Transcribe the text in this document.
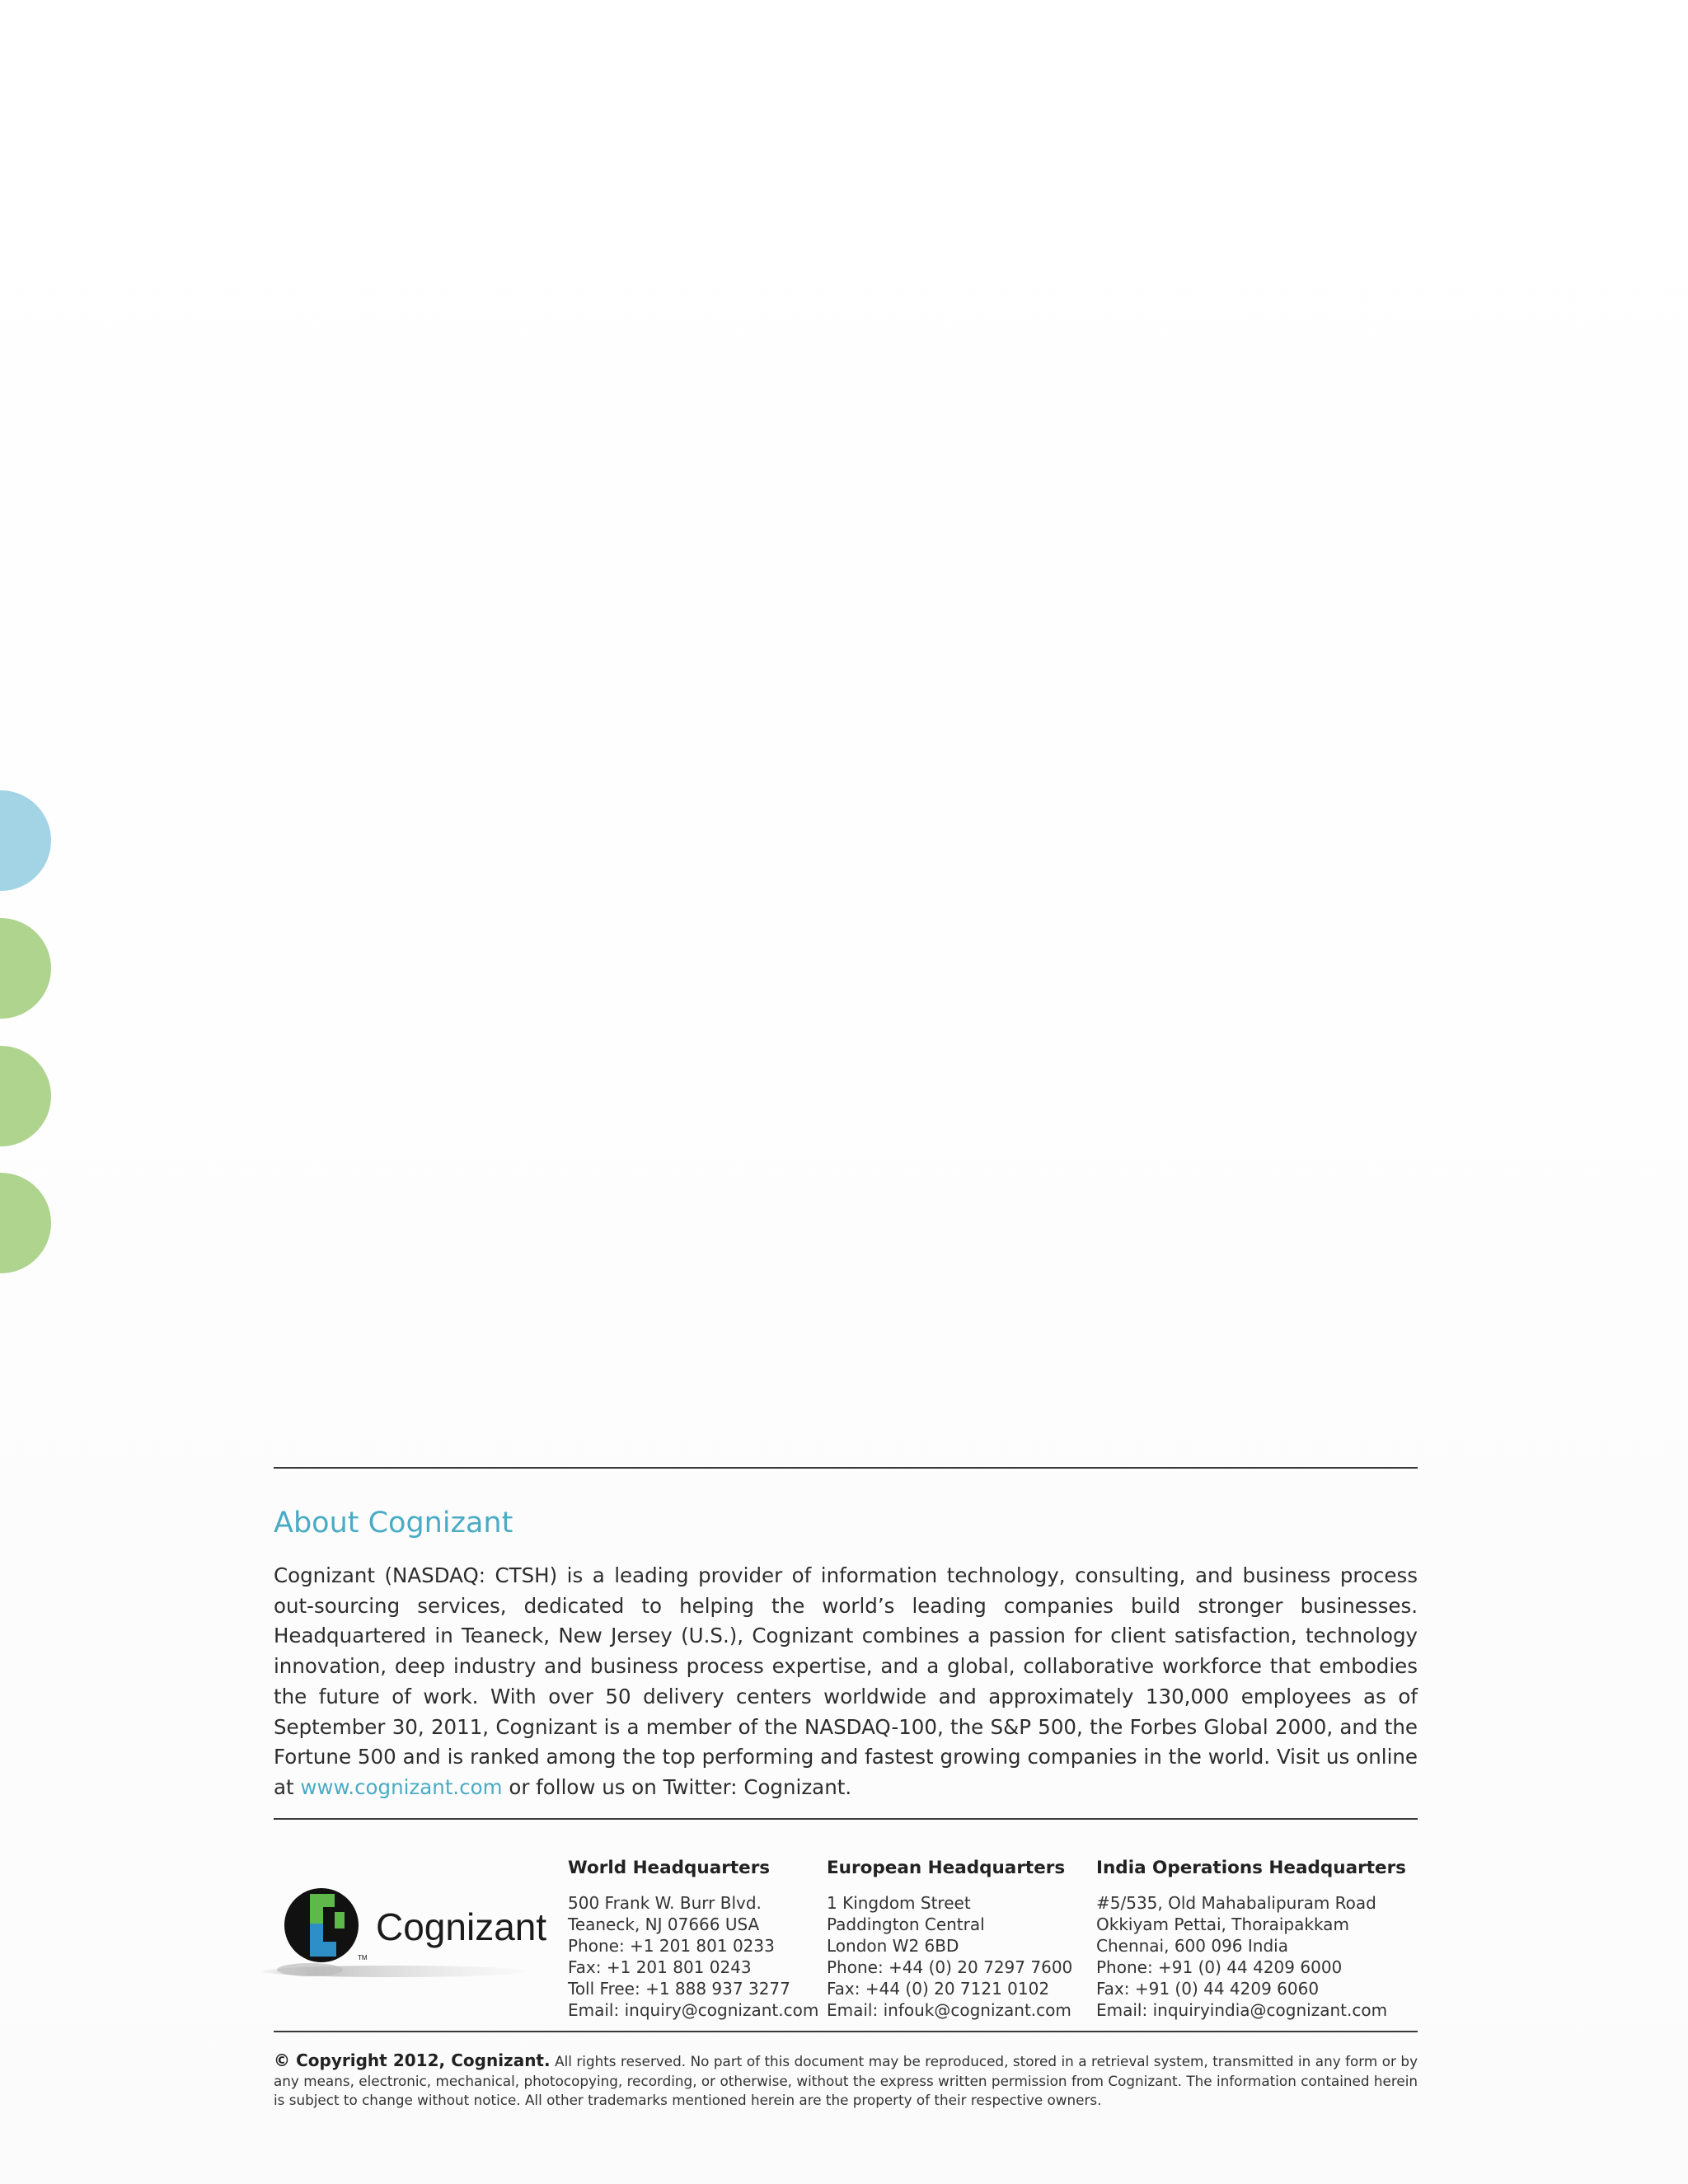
About Cognizant

Cognizant (NASDAQ: CTSH) is a leading provider of information technology, consulting, and business process out-sourcing services, dedicated to helping the world’s leading companies build stronger businesses. Headquartered in Teaneck, New Jersey (U.S.), Cognizant combines a passion for client satisfaction, technology innovation, deep industry and business process expertise, and a global, collaborative workforce that embodies the future of work. With over 50 delivery centers worldwide and approximately 130,000 employees as of September 30, 2011, Cognizant is a member of the NASDAQ-100, the S&P 500, the Forbes Global 2000, and the Fortune 500 and is ranked among the top performing and fastest growing companies in the world. Visit us online at www.cognizant.com or follow us on Twitter: Cognizant.

TM
Cognizant
World Headquarters
500 Frank W. Burr Blvd.
Teaneck, NJ 07666 USA
Phone: +1 201 801 0233
Fax: +1 201 801 0243
Toll Free: +1 888 937 3277
Email: inquiry@cognizant.com
European Headquarters
1 Kingdom Street
Paddington Central
London W2 6BD
Phone: +44 (0) 20 7297 7600
Fax: +44 (0) 20 7121 0102
Email: infouk@cognizant.com
India Operations Headquarters
#5/535, Old Mahabalipuram Road
Okkiyam Pettai, Thoraipakkam
Chennai, 600 096 India
Phone: +91 (0) 44 4209 6000
Fax: +91 (0) 44 4209 6060
Email: inquiryindia@cognizant.com

© Copyright 2012, Cognizant. All rights reserved. No part of this document may be reproduced, stored in a retrieval system, transmitted in any form or by any means, electronic, mechanical, photocopying, recording, or otherwise, without the express written permission from Cognizant. The information contained herein is subject to change without notice. All other trademarks mentioned herein are the property of their respective owners.
